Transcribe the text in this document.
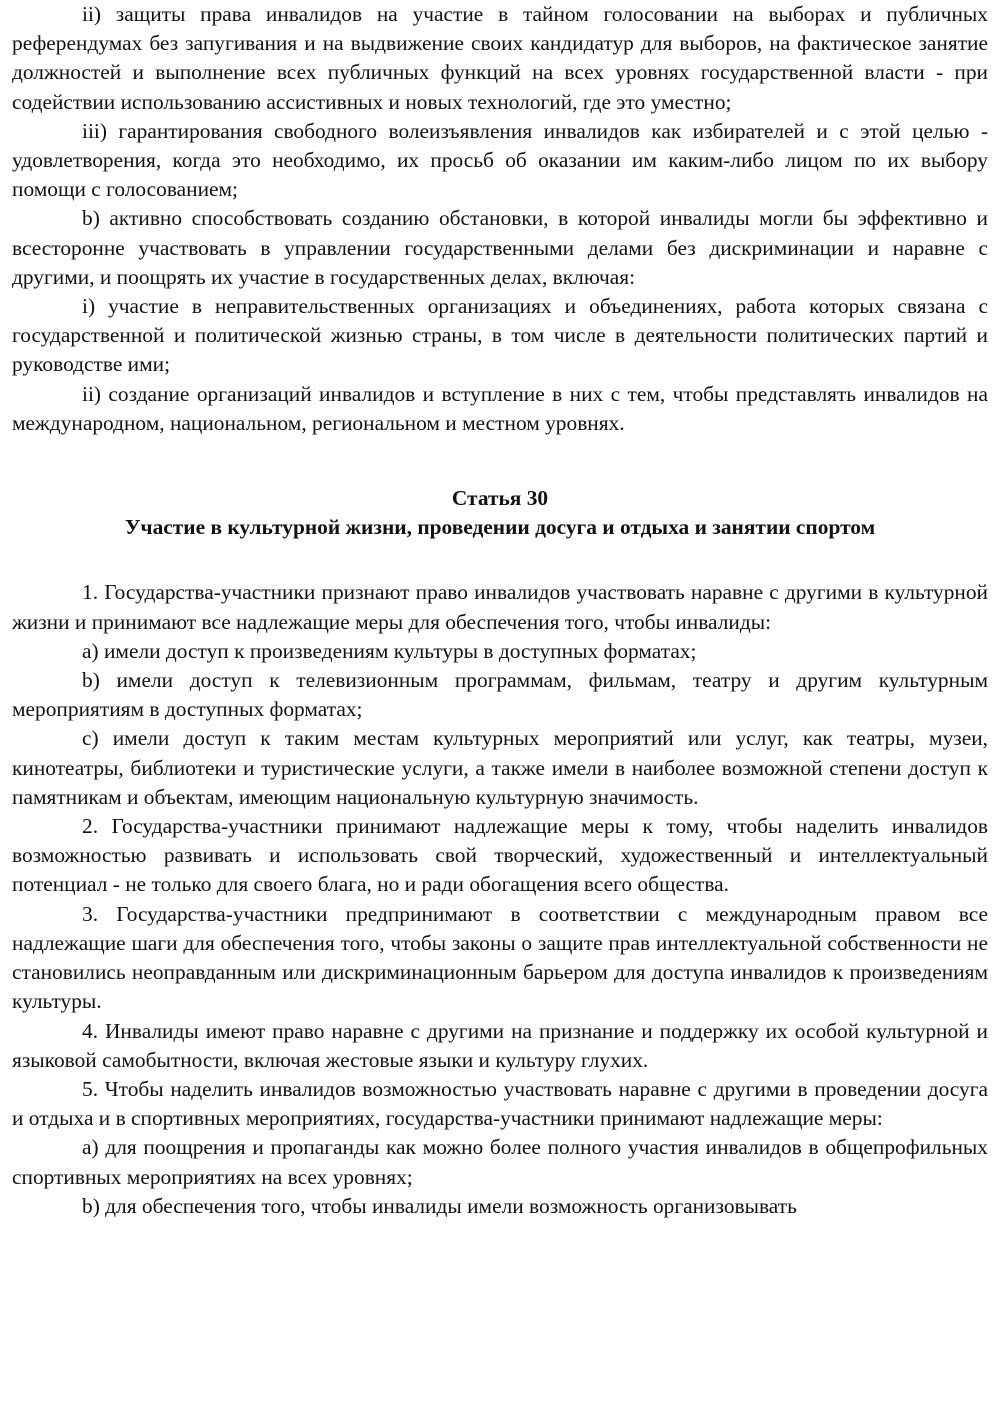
ii) защиты права инвалидов на участие в тайном голосовании на выборах и публичных референдумах без запугивания и на выдвижение своих кандидатур для выборов, на фактическое занятие должностей и выполнение всех публичных функций на всех уровнях государственной власти - при содействии использованию ассистивных и новых технологий, где это уместно;

iii) гарантирования свободного волеизъявления инвалидов как избирателей и с этой целью - удовлетворения, когда это необходимо, их просьб об оказании им каким-либо лицом по их выбору помощи с голосованием;

b) активно способствовать созданию обстановки, в которой инвалиды могли бы эффективно и всесторонне участвовать в управлении государственными делами без дискриминации и наравне с другими, и поощрять их участие в государственных делах, включая:

i) участие в неправительственных организациях и объединениях, работа которых связана с государственной и политической жизнью страны, в том числе в деятельности политических партий и руководстве ими;

ii) создание организаций инвалидов и вступление в них с тем, чтобы представлять инвалидов на международном, национальном, региональном и местном уровнях.

Статья 30
Участие в культурной жизни, проведении досуга и отдыха и занятии спортом

1. Государства-участники признают право инвалидов участвовать наравне с другими в культурной жизни и принимают все надлежащие меры для обеспечения того, чтобы инвалиды:

a) имели доступ к произведениям культуры в доступных форматах;

b) имели доступ к телевизионным программам, фильмам, театру и другим культурным мероприятиям в доступных форматах;

c) имели доступ к таким местам культурных мероприятий или услуг, как театры, музеи, кинотеатры, библиотеки и туристические услуги, а также имели в наиболее возможной степени доступ к памятникам и объектам, имеющим национальную культурную значимость.

2. Государства-участники принимают надлежащие меры к тому, чтобы наделить инвалидов возможностью развивать и использовать свой творческий, художественный и интеллектуальный потенциал - не только для своего блага, но и ради обогащения всего общества.

3. Государства-участники предпринимают в соответствии с международным правом все надлежащие шаги для обеспечения того, чтобы законы о защите прав интеллектуальной собственности не становились неоправданным или дискриминационным барьером для доступа инвалидов к произведениям культуры.

4. Инвалиды имеют право наравне с другими на признание и поддержку их особой культурной и языковой самобытности, включая жестовые языки и культуру глухих.

5. Чтобы наделить инвалидов возможностью участвовать наравне с другими в проведении досуга и отдыха и в спортивных мероприятиях, государства-участники принимают надлежащие меры:

a) для поощрения и пропаганды как можно более полного участия инвалидов в общепрофильных спортивных мероприятиях на всех уровнях;

b) для обеспечения того, чтобы инвалиды имели возможность организовывать
